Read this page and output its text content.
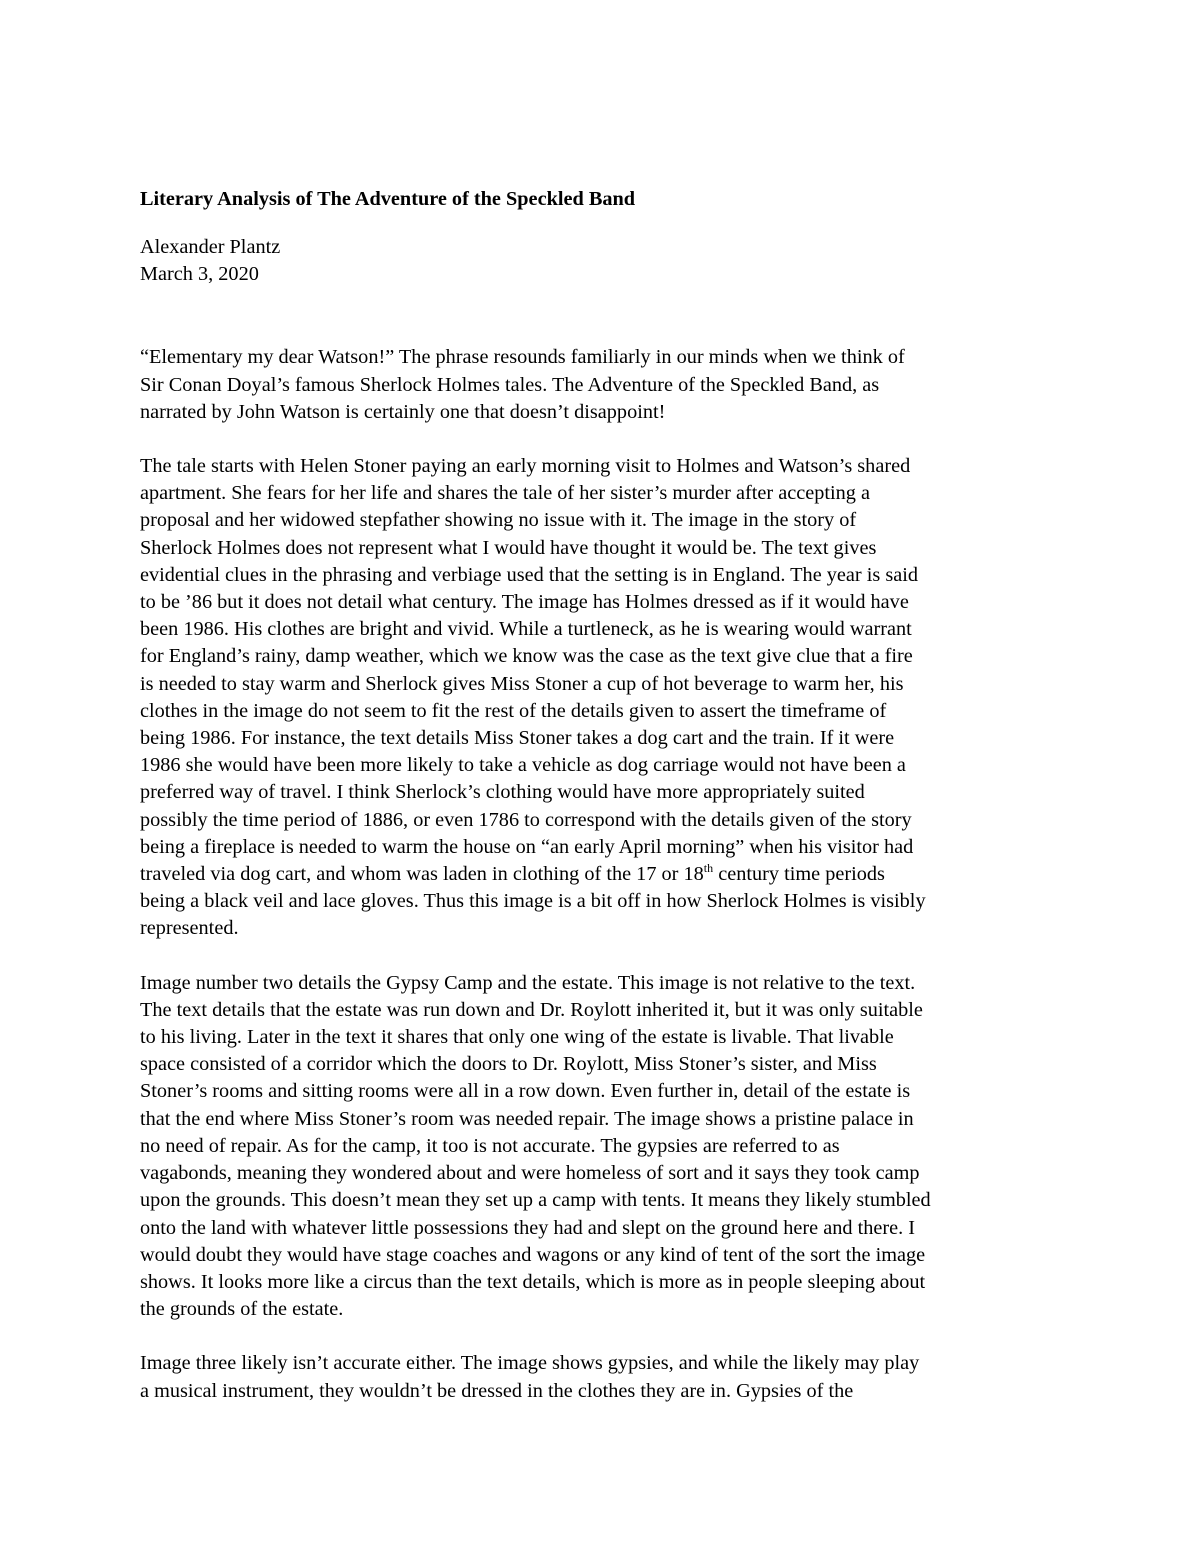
Literary Analysis of The Adventure of the Speckled Band
Alexander Plantz
March 3, 2020
“Elementary my dear Watson!” The phrase resounds familiarly in our minds when we think of
Sir Conan Doyal’s famous Sherlock Holmes tales. The Adventure of the Speckled Band, as
narrated by John Watson is certainly one that doesn’t disappoint!
The tale starts with Helen Stoner paying an early morning visit to Holmes and Watson’s shared
apartment. She fears for her life and shares the tale of her sister’s murder after accepting a
proposal and her widowed stepfather showing no issue with it. The image in the story of
Sherlock Holmes does not represent what I would have thought it would be. The text gives
evidential clues in the phrasing and verbiage used that the setting is in England. The year is said
to be ’86 but it does not detail what century. The image has Holmes dressed as if it would have
been 1986. His clothes are bright and vivid. While a turtleneck, as he is wearing would warrant
for England’s rainy, damp weather, which we know was the case as the text give clue that a fire
is needed to stay warm and Sherlock gives Miss Stoner a cup of hot beverage to warm her, his
clothes in the image do not seem to fit the rest of the details given to assert the timeframe of
being 1986. For instance, the text details Miss Stoner takes a dog cart and the train. If it were
1986 she would have been more likely to take a vehicle as dog carriage would not have been a
preferred way of travel. I think Sherlock’s clothing would have more appropriately suited
possibly the time period of 1886, or even 1786 to correspond with the details given of the story
being a fireplace is needed to warm the house on “an early April morning” when his visitor had
traveled via dog cart, and whom was laden in clothing of the 17 or 18th century time periods
being a black veil and lace gloves. Thus this image is a bit off in how Sherlock Holmes is visibly
represented.
Image number two details the Gypsy Camp and the estate. This image is not relative to the text.
The text details that the estate was run down and Dr. Roylott inherited it, but it was only suitable
to his living. Later in the text it shares that only one wing of the estate is livable. That livable
space consisted of a corridor which the doors to Dr. Roylott, Miss Stoner’s sister, and Miss
Stoner’s rooms and sitting rooms were all in a row down. Even further in, detail of the estate is
that the end where Miss Stoner’s room was needed repair. The image shows a pristine palace in
no need of repair. As for the camp, it too is not accurate. The gypsies are referred to as
vagabonds, meaning they wondered about and were homeless of sort and it says they took camp
upon the grounds. This doesn’t mean they set up a camp with tents. It means they likely stumbled
onto the land with whatever little possessions they had and slept on the ground here and there. I
would doubt they would have stage coaches and wagons or any kind of tent of the sort the image
shows. It looks more like a circus than the text details, which is more as in people sleeping about
the grounds of the estate.
Image three likely isn’t accurate either. The image shows gypsies, and while the likely may play
a musical instrument, they wouldn’t be dressed in the clothes they are in. Gypsies of the
